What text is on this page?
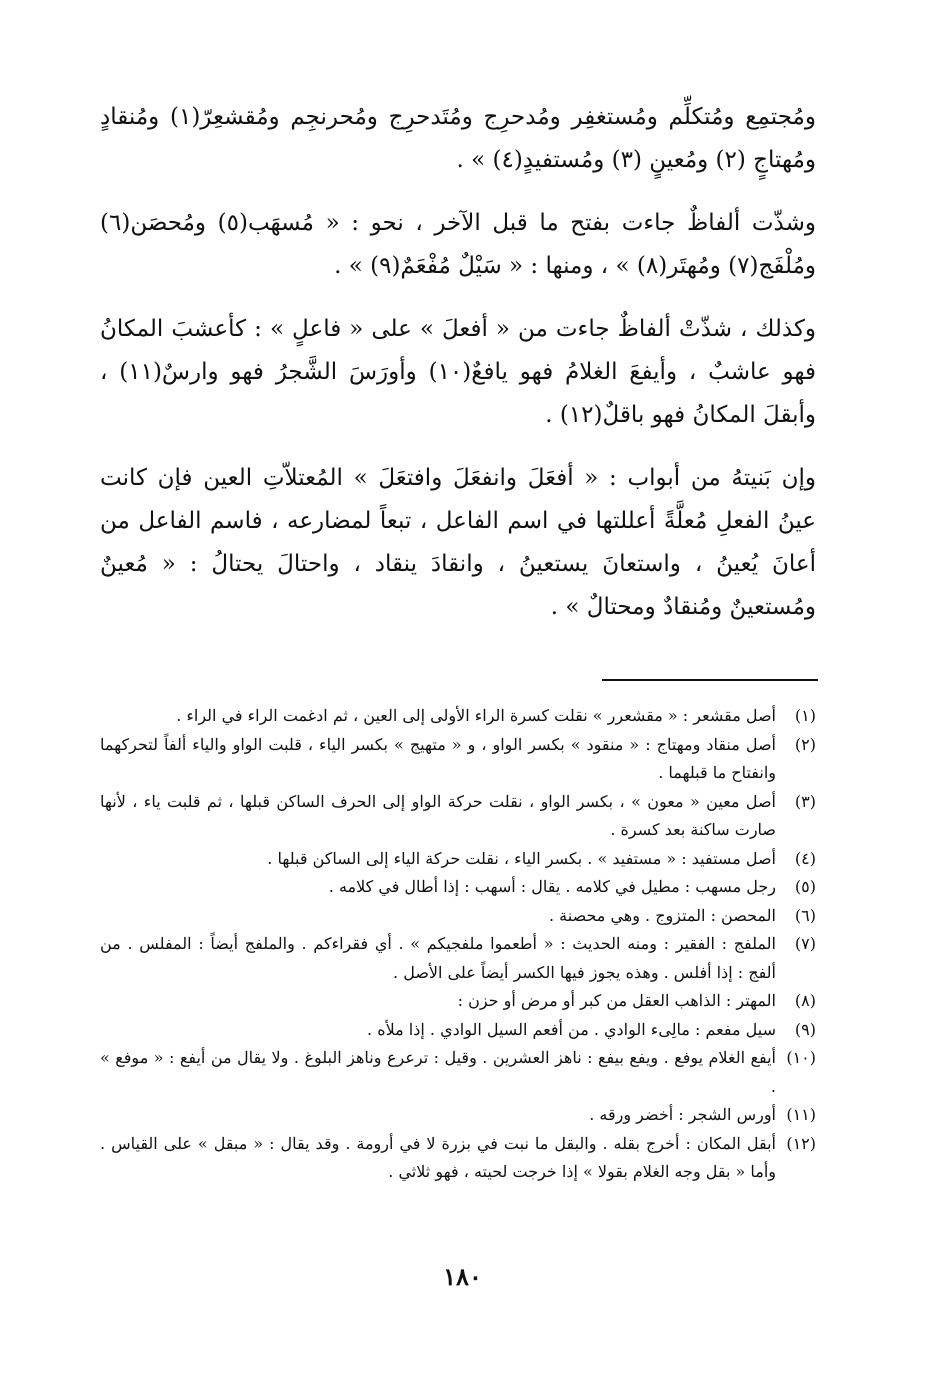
ومُجتمِع ومُتكلِّم ومُستغفِر ومُدحرِج ومُتَدحرِج ومُحرنجِم ومُقشعِرّ(١) ومُنقادٍ ومُهتاجٍ (٢) ومُعينٍ (٣) ومُستفيدٍ(٤) » .

وشذّت ألفاظٌ جاءت بفتح ما قبل الآخر ، نحو : « مُسهَب(٥) ومُحصَن(٦) ومُلْفَج(٧) ومُهتَر(٨) » ، ومنها : « سَيْلٌ مُفْعَمٌ(٩) » .

وكذلك ، شذّتْ ألفاظٌ جاءت من « أفعلَ » على « فاعلٍ » : كأعشبَ المكانُ فهو عاشبٌ ، وأيفعَ الغلامُ فهو يافعٌ(١٠) وأورَسَ الشَّجرُ فهو وارسٌ(١١) ، وأبقلَ المكانُ فهو باقلٌ(١٢) .

وإن بَنيتهُ من أبواب : « أفعَلَ وانفعَلَ وافتعَلَ » المُعتلاّتِ العين فإن كانت عينُ الفعلِ مُعلَّةً أعللتها في اسم الفاعل ، تبعاً لمضارعه ، فاسم الفاعل من أعانَ يُعينُ ، واستعانَ يستعينُ ، وانقادَ ينقاد ، واحتالَ يحتالُ : « مُعينٌ ومُستعينٌ ومُنقادٌ ومحتالٌ » .

(١)
أصل مقشعر : « مقشعرر » نقلت كسرة الراء الأولى إلى العين ، ثم ادغمت الراء في الراء .
(٢)
أصل منقاد ومهتاج : « منقود » بكسر الواو ، و « متهيج » بكسر الياء ، قلبت الواو والياء ألفاً لتحركهما وانفتاح ما قبلهما .
(٣)
أصل معين « معون » ، بكسر الواو ، نقلت حركة الواو إلى الحرف الساكن قبلها ، ثم قلبت ياء ، لأنها صارت ساكنة بعد كسرة .
(٤)
أصل مستفيد : « مستفيد » . بكسر الياء ، نقلت حركة الياء إلى الساكن قبلها .
(٥)
رجل مسهب : مطيل في كلامه . يقال : أسهب : إذا أطال في كلامه .
(٦)
المحصن : المتزوج . وهي محصنة .
(٧)
الملفج : الفقير : ومنه الحديث : « أطعموا ملفجيكم » . أي فقراءكم . والملفج أيضاً : المفلس . من ألفج : إذا أفلس . وهذه يجوز فيها الكسر أيضاً على الأصل .
(٨)
المهتر : الذاهب العقل من كبر أو مرض أو حزن :
(٩)
سيل مفعم : مالِىء الوادي . من أفعم السيل الوادي . إذا ملأه .
(١٠)
أيفع الغلام يوفع . ويفع بيفع : ناهز العشرين . وقيل : ترعرع وناهز البلوغ . ولا يقال من أيفع : « موفع » .
(١١)
أورس الشجر : أخضر ورقه .
(١٢)
أبقل المكان : أخرج بقله . والبقل ما نبت في بزرة لا في أرومة . وقد يقال : « مبقل » على القياس . وأما « بقل وجه الغلام بقولا » إذا خرجت لحيته ، فهو ثلاثي .
١٨٠
